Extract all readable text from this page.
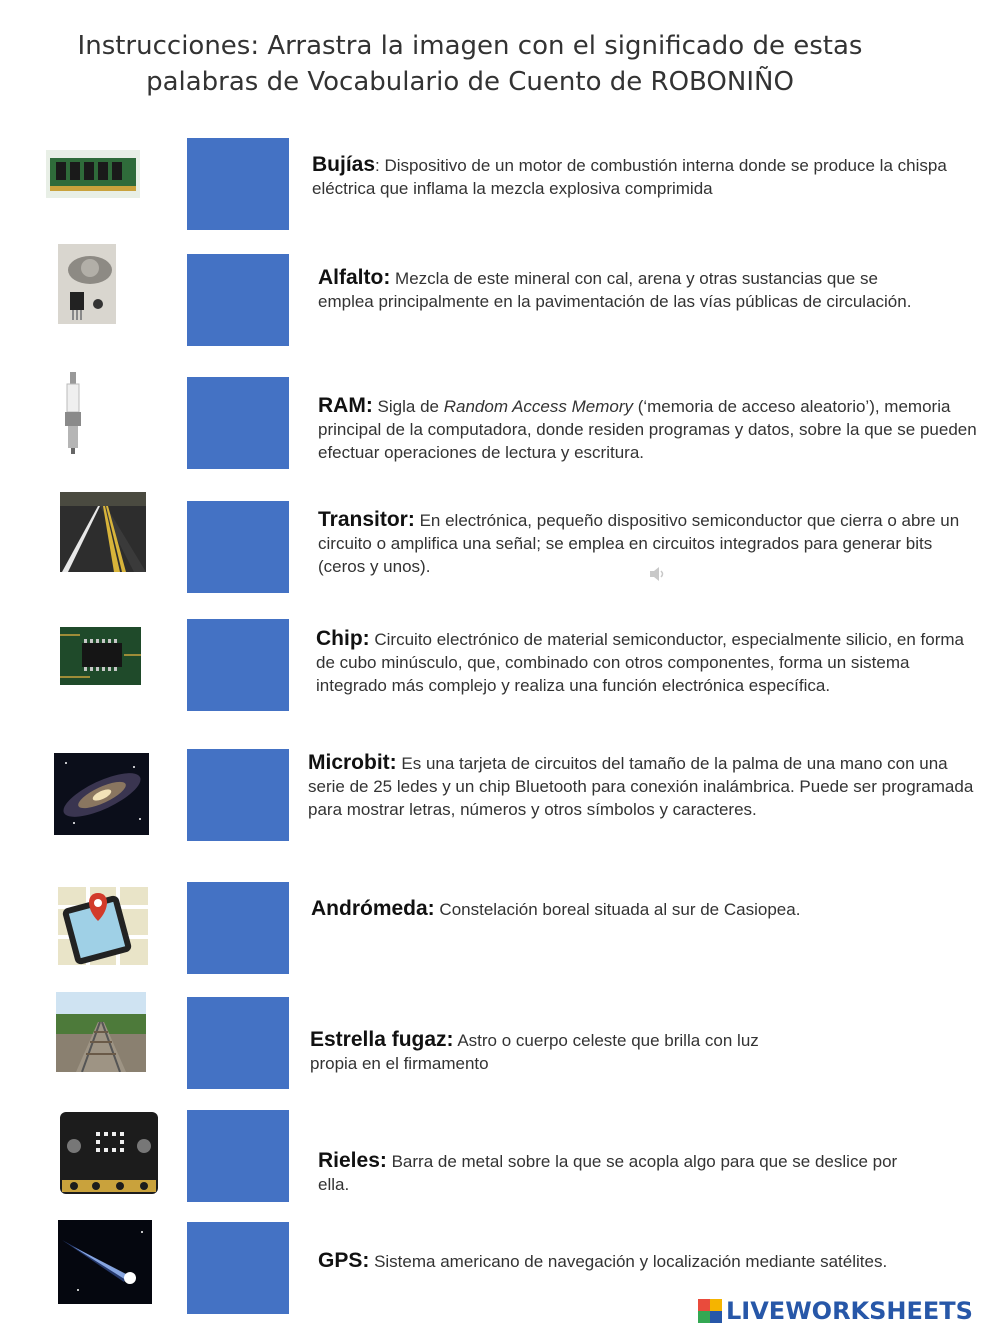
Instrucciones: Arrastra la imagen con el significado de estas
palabras de Vocabulario de Cuento de ROBONIÑO
Bujías: Dispositivo de un motor de combustión interna donde se produce la chispa eléctrica que inflama la mezcla explosiva comprimida
Alfalto: Mezcla de este mineral con cal, arena y otras sustancias que se emplea principalmente en la pavimentación de las vías públicas de circulación.
RAM: Sigla de Random Access Memory (‘memoria de acceso aleatorio’), memoria principal de la computadora, donde residen programas y datos, sobre la que se pueden efectuar operaciones de lectura y escritura.
Transitor: En electrónica, pequeño dispositivo semiconductor que cierra o abre un circuito o amplifica una señal; se emplea en circuitos integrados para generar bits (ceros y unos).
Chip: Circuito electrónico de material semiconductor, especialmente silicio, en forma de cubo minúsculo, que, combinado con otros componentes, forma un sistema integrado más complejo y realiza una función electrónica específica.
Microbit: Es una tarjeta de circuitos del tamaño de la palma de una mano con una serie de 25 ledes y un chip Bluetooth para conexión inalámbrica. Puede ser programada para mostrar letras, números y otros símbolos y caracteres.
Andrómeda: Constelación boreal situada al sur de Casiopea.
Estrella fugaz: Astro o cuerpo celeste que brilla con luz propia en el firmamento
Rieles: Barra de metal sobre la que se acopla algo para que se deslice por ella.
GPS: Sistema americano de navegación y localización mediante satélites.
LIVEWORKSHEETS
